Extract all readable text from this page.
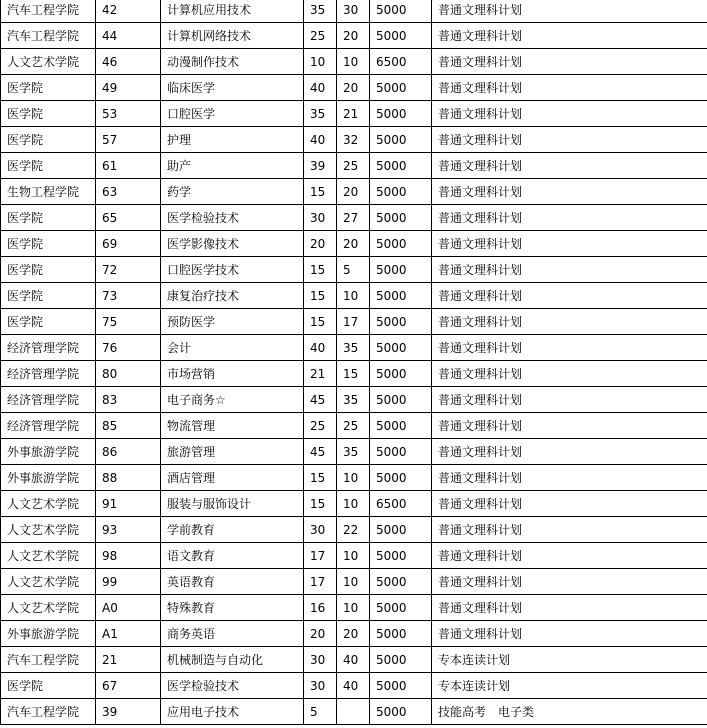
汽车工程学院	42	计算机应用技术	35	30	5000	普通文理科计划
汽车工程学院	44	计算机网络技术	25	20	5000	普通文理科计划
人文艺术学院	46	动漫制作技术	10	10	6500	普通文理科计划
医学院	49	临床医学	40	20	5000	普通文理科计划
医学院	53	口腔医学	35	21	5000	普通文理科计划
医学院	57	护理	40	32	5000	普通文理科计划
医学院	61	助产	39	25	5000	普通文理科计划
生物工程学院	63	药学	15	20	5000	普通文理科计划
医学院	65	医学检验技术	30	27	5000	普通文理科计划
医学院	69	医学影像技术	20	20	5000	普通文理科计划
医学院	72	口腔医学技术	15	5	5000	普通文理科计划
医学院	73	康复治疗技术	15	10	5000	普通文理科计划
医学院	75	预防医学	15	17	5000	普通文理科计划
经济管理学院	76	会计	40	35	5000	普通文理科计划
经济管理学院	80	市场营销	21	15	5000	普通文理科计划
经济管理学院	83	电子商务☆	45	35	5000	普通文理科计划
经济管理学院	85	物流管理	25	25	5000	普通文理科计划
外事旅游学院	86	旅游管理	45	35	5000	普通文理科计划
外事旅游学院	88	酒店管理	15	10	5000	普通文理科计划
人文艺术学院	91	服装与服饰设计	15	10	6500	普通文理科计划
人文艺术学院	93	学前教育	30	22	5000	普通文理科计划
人文艺术学院	98	语文教育	17	10	5000	普通文理科计划
人文艺术学院	99	英语教育	17	10	5000	普通文理科计划
人文艺术学院	A0	特殊教育	16	10	5000	普通文理科计划
外事旅游学院	A1	商务英语	20	20	5000	普通文理科计划
汽车工程学院	21	机械制造与自动化	30	40	5000	专本连读计划
医学院	67	医学检验技术	30	40	5000	专本连读计划
汽车工程学院	39	应用电子技术	5		5000	技能高考　电子类
